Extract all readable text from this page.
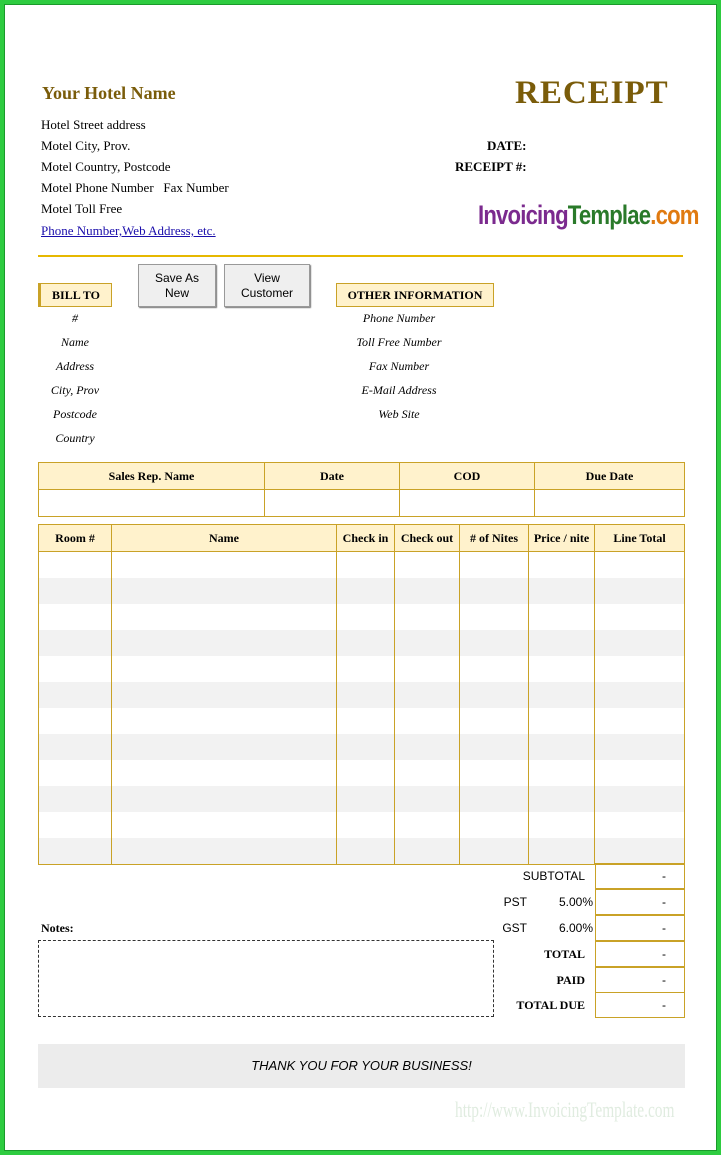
Your Hotel Name	RECEIPT
Hotel Street address
Motel City, Prov.
Motel Country, Postcode
Motel Phone Number   Fax Number
Motel Toll Free
Phone Number,Web Address, etc.
DATE:
RECEIPT #:
InvoicingTemplae.com
BILL TO
Save As
New
View
Customer
#
Name
Address
City, Prov
Postcode
Country
OTHER INFORMATION
Phone Number
Toll Free Number
Fax Number
E-Mail Address
Web Site
Sales Rep. Name	Date	COD	Due Date

Room #	Name	Check in	Check out	# of Nites	Price / nite	Line Total

SUBTOTAL	-
PST	5.00%	-
GST	6.00%	-
TOTAL	-
PAID	-
TOTAL DUE	-
Notes:
THANK YOU FOR YOUR BUSINESS!
http://www.InvoicingTemplate.com
